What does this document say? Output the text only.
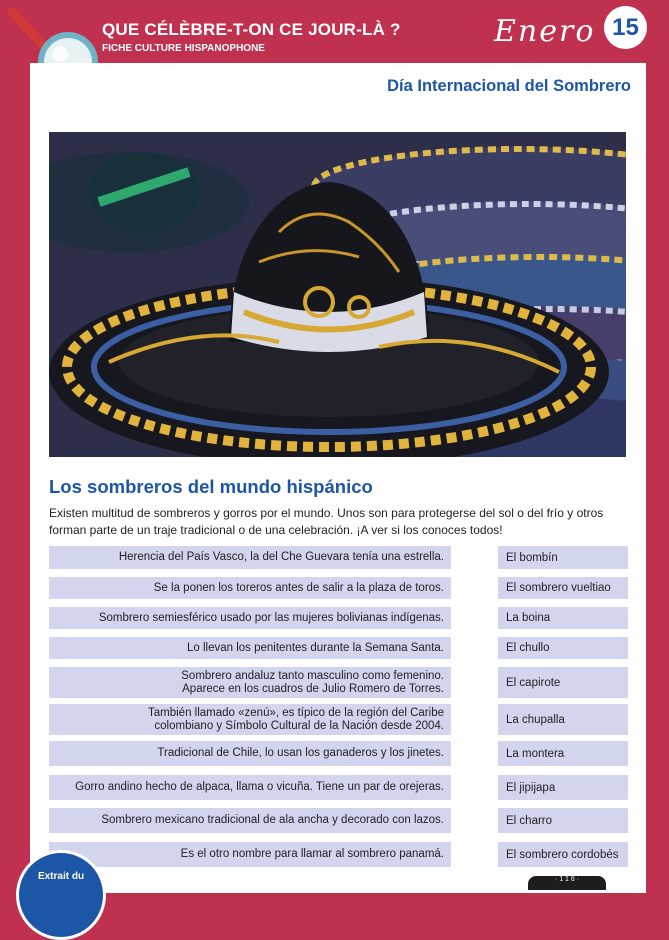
QUE CÉLÈBRE-T-ON CE JOUR-LÀ ?
FICHE CULTURE HISPANOPHONE	Enero 15
Día Internacional del Sombrero
Los sombreros del mundo hispánico
Existen multitud de sombreros y gorros por el mundo. Unos son para protegerse del sol o del frío y otros forman parte de un traje tradicional o de una celebración. ¡A ver si los conoces todos!
Herencia del País Vasco, la del Che Guevara tenía una estrella.	El bombín
Se la ponen los toreros antes de salir a la plaza de toros.	El sombrero vueltiao
Sombrero semiesférico usado por las mujeres bolivianas indígenas.	La boina
Lo llevan los penitentes durante la Semana Santa.	El chullo
Sombrero andaluz tanto masculino como femenino.
Aparece en los cuadros de Julio Romero de Torres.	El capirote
También llamado «zenú», es típico de la región del Caribe
colombiano y Símbolo Cultural de la Nación desde 2004.	La chupalla
Tradicional de Chile, lo usan los ganaderos y los jinetes.	La montera
Gorro andino hecho de alpaca, llama o vicuña. Tiene un par de orejeras.	El jipijapa
Sombrero mexicano tradicional de ala ancha y decorado con lazos.	El charro
Es el otro nombre para llamar al sombrero panamá.	El sombrero cordobés
Extrait du	· 1 1 6 ·
